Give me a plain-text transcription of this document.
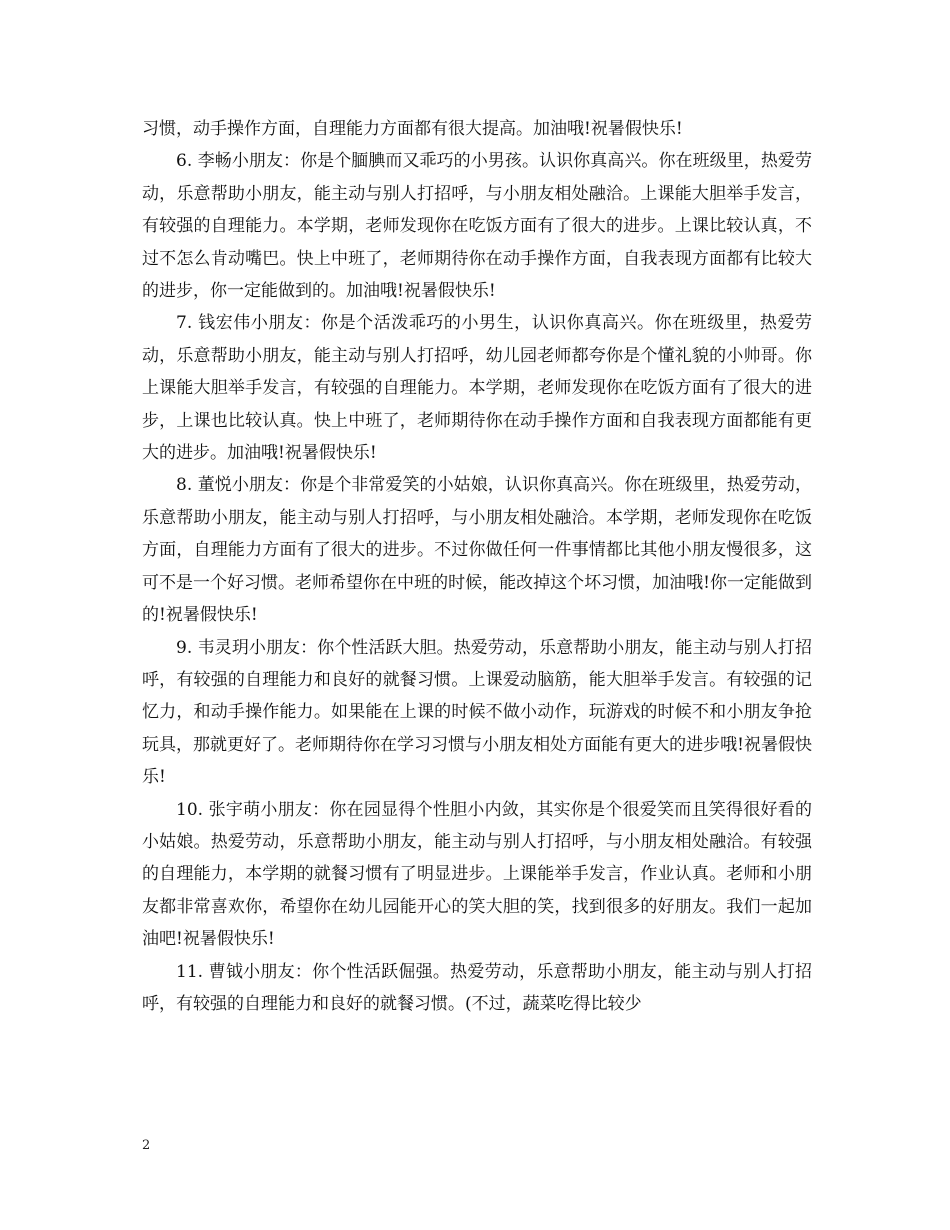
习惯，动手操作方面，自理能力方面都有很大提高。加油哦!祝暑假快乐!

6. 李畅小朋友：你是个腼腆而又乖巧的小男孩。认识你真高兴。你在班级里，热爱劳动，乐意帮助小朋友，能主动与别人打招呼，与小朋友相处融洽。上课能大胆举手发言，有较强的自理能力。本学期，老师发现你在吃饭方面有了很大的进步。上课比较认真，不过不怎么肯动嘴巴。快上中班了，老师期待你在动手操作方面，自我表现方面都有比较大的进步，你一定能做到的。加油哦!祝暑假快乐!

7. 钱宏伟小朋友：你是个活泼乖巧的小男生，认识你真高兴。你在班级里，热爱劳动，乐意帮助小朋友，能主动与别人打招呼，幼儿园老师都夸你是个懂礼貌的小帅哥。你上课能大胆举手发言，有较强的自理能力。本学期，老师发现你在吃饭方面有了很大的进步，上课也比较认真。快上中班了，老师期待你在动手操作方面和自我表现方面都能有更大的进步。加油哦!祝暑假快乐!

8. 董悦小朋友：你是个非常爱笑的小姑娘，认识你真高兴。你在班级里，热爱劳动，乐意帮助小朋友，能主动与别人打招呼，与小朋友相处融洽。本学期，老师发现你在吃饭方面，自理能力方面有了很大的进步。不过你做任何一件事情都比其他小朋友慢很多，这可不是一个好习惯。老师希望你在中班的时候，能改掉这个坏习惯，加油哦!你一定能做到的!祝暑假快乐!

9. 韦灵玥小朋友：你个性活跃大胆。热爱劳动，乐意帮助小朋友，能主动与别人打招呼，有较强的自理能力和良好的就餐习惯。上课爱动脑筋，能大胆举手发言。有较强的记忆力，和动手操作能力。如果能在上课的时候不做小动作，玩游戏的时候不和小朋友争抢玩具，那就更好了。老师期待你在学习习惯与小朋友相处方面能有更大的进步哦!祝暑假快乐!

10. 张宇萌小朋友：你在园显得个性胆小内敛，其实你是个很爱笑而且笑得很好看的小姑娘。热爱劳动，乐意帮助小朋友，能主动与别人打招呼，与小朋友相处融洽。有较强的自理能力，本学期的就餐习惯有了明显进步。上课能举手发言，作业认真。老师和小朋友都非常喜欢你，希望你在幼儿园能开心的笑大胆的笑，找到很多的好朋友。我们一起加油吧!祝暑假快乐!

11. 曹钺小朋友：你个性活跃倔强。热爱劳动，乐意帮助小朋友，能主动与别人打招呼，有较强的自理能力和良好的就餐习惯。(不过，蔬菜吃得比较少

2
